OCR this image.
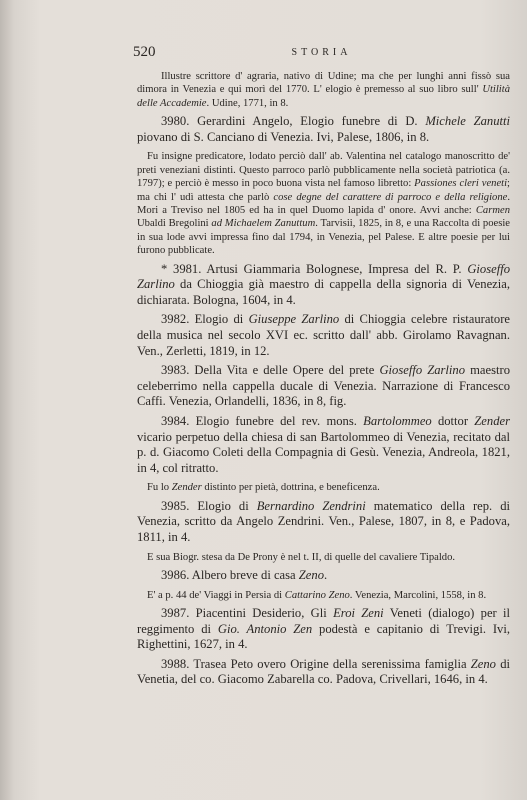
520	STORIA

Illustre scrittore d' agraria, nativo di Udine; ma che per lunghi anni fissò sua dimora in Venezia e qui morì del 1770. L' elogio è premesso al suo libro sull' Utilità delle Accademie. Udine, 1771, in 8.

3980. Gerardini Angelo, Elogio funebre di D. Michele Zanutti piovano di S. Canciano di Venezia. Ivi, Palese, 1806, in 8.

Fu insigne predicatore, lodato perciò dall' ab. Valentina nel catalogo manoscritto de' preti veneziani distinti. Questo parroco parlò pubblicamente nella società patriotica (a. 1797); e perciò è messo in poco buona vista nel famoso libretto: Passiones cleri veneti; ma chi l' udì attesta che parlò cose degne del carattere di parroco e della religione. Mori a Treviso nel 1805 ed ha in quel Duomo lapida d' onore. Avvi anche: Carmen Ubaldi Bregolini ad Michaelem Zanuttum. Tarvisii, 1825, in 8, e una Raccolta di poesie in sua lode avvi impressa fino dal 1794, in Venezia, pel Palese. E altre poesie per lui furono pubblicate.

* 3981. Artusi Giammaria Bolognese, Impresa del R. P. Gioseffo Zarlino da Chioggia già maestro di cappella della signoria di Venezia, dichiarata. Bologna, 1604, in 4.

3982. Elogio di Giuseppe Zarlino di Chioggia celebre ristauratore della musica nel secolo XVI ec. scritto dall' abb. Girolamo Ravagnan. Ven., Zerletti, 1819, in 12.

3983. Della Vita e delle Opere del prete Gioseffo Zarlino maestro celeberrimo nella cappella ducale di Venezia. Narrazione di Francesco Caffi. Venezia, Orlandelli, 1836, in 8, fig.

3984. Elogio funebre del rev. mons. Bartolommeo dottor Zender vicario perpetuo della chiesa di san Bartolommeo di Venezia, recitato dal p. d. Giacomo Coleti della Compagnia di Gesù. Venezia, Andreola, 1821, in 4, col ritratto.

Fu lo Zender distinto per pietà, dottrina, e beneficenza.

3985. Elogio di Bernardino Zendrini matematico della rep. di Venezia, scritto da Angelo Zendrini. Ven., Palese, 1807, in 8, e Padova, 1811, in 4.

E sua Biogr. stesa da De Prony è nel t. II, di quelle del cavaliere Tipaldo.

3986. Albero breve di casa Zeno.

E' a p. 44 de' Viaggi in Persia di Cattarino Zeno. Venezia, Marcolini, 1558, in 8.

3987. Piacentini Desiderio, Gli Eroi Zeni Veneti (dialogo) per il reggimento di Gio. Antonio Zen podestà e capitanio di Trevigi. Ivi, Righettini, 1627, in 4.

3988. Trasea Peto overo Origine della serenissima famiglia Zeno di Venetia, del co. Giacomo Zabarella co. Padova, Crivellari, 1646, in 4.
